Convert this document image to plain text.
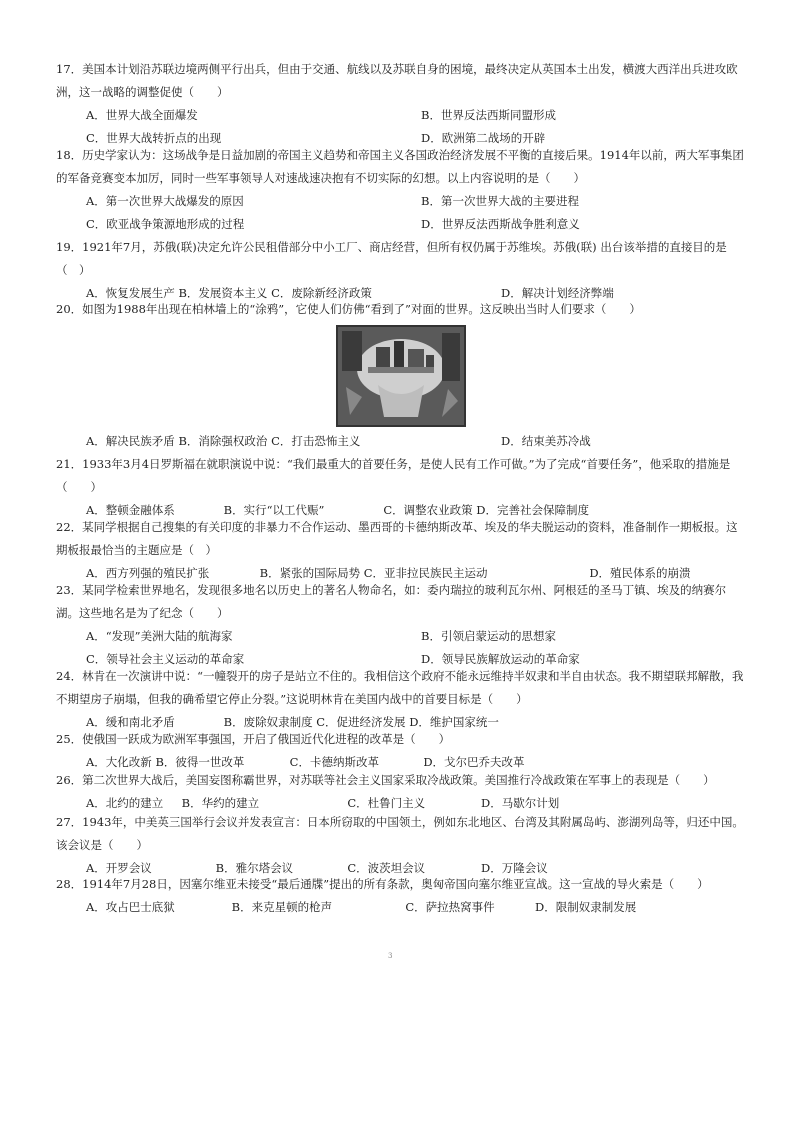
17．美国本计划沿苏联边境两侧平行出兵，但由于交通、航线以及苏联自身的困境，最终决定从英国本土出发，横渡大西洋出兵进攻欧洲，这一战略的调整促使（　　）
A．世界大战全面爆发	B．世界反法西斯同盟形成
C．世界大战转折点的出现	D．欧洲第二战场的开辟
18．历史学家认为：这场战争是日益加剧的帝国主义趋势和帝国主义各国政治经济发展不平衡的直接后果。1914年以前，两大军事集团的军备竞赛变本加厉，同时一些军事领导人对速战速决抱有不切实际的幻想。以上内容说明的是（　　）
A．第一次世界大战爆发的原因	B．第一次世界大战的主要进程
C．欧亚战争策源地形成的过程	D．世界反法西斯战争胜利意义
19．1921年7月，苏俄(联)决定允许公民租借部分中小工厂、商店经营，但所有权仍属于苏维埃。苏俄(联) 出台该举措的直接目的是（　）
A．恢复发展生产 B．发展资本主义 C．废除新经济政策	D．解决计划经济弊端
20．如图为1988年出现在柏林墙上的“涂鸦”，它使人们仿佛“看到了”对面的世界。这反映出当时人们要求（　　）
A．解决民族矛盾 B．消除强权政治 C．打击恐怖主义	D．结束美苏冷战
21．1933年3月4日罗斯福在就职演说中说：“我们最重大的首要任务，是使人民有工作可做。”为了完成“首要任务”，他采取的措施是（　　）
A．整顿金融体系	B．实行“以工代赈”	C．调整农业政策 D．完善社会保障制度
22．某同学根据自己搜集的有关印度的非暴力不合作运动、墨西哥的卡德纳斯改革、埃及的华夫脱运动的资料，准备制作一期板报。这期板报最恰当的主题应是（　）
A．西方列强的殖民扩张	B．紧张的国际局势 C．亚非拉民族民主运动	D．殖民体系的崩溃
23．某同学检索世界地名，发现很多地名以历史上的著名人物命名，如：委内瑞拉的玻利瓦尔州、阿根廷的圣马丁镇、埃及的纳赛尔湖。这些地名是为了纪念（　　）
A．“发现”美洲大陆的航海家	B．引领启蒙运动的思想家
C．领导社会主义运动的革命家	D．领导民族解放运动的革命家
24．林肯在一次演讲中说：“一幢裂开的房子是站立不住的。我相信这个政府不能永远维持半奴隶和半自由状态。我不期望联邦解散，我不期望房子崩塌，但我的确希望它停止分裂。”这说明林肯在美国内战中的首要目标是（　　）
A．缓和南北矛盾	B．废除奴隶制度 C．促进经济发展 D．维护国家统一
25．使俄国一跃成为欧洲军事强国，开启了俄国近代化进程的改革是（　　）
A．大化改新 B．彼得一世改革	C．卡德纳斯改革	D．戈尔巴乔夫改革
26．第二次世界大战后，美国妄图称霸世界，对苏联等社会主义国家采取冷战政策。美国推行冷战政策在军事上的表现是（　　）
A．北约的建立 B．华约的建立	C．杜鲁门主义	D．马歇尔计划
27．1943年，中美英三国举行会议并发表宣言：日本所窃取的中国领土，例如东北地区、台湾及其附属岛屿、澎湖列岛等，归还中国。该会议是（　　）
A．开罗会议	B．雅尔塔会议	C．波茨坦会议	D．万隆会议
28．1914年7月28日，因塞尔维亚未接受“最后通牒”提出的所有条款，奥匈帝国向塞尔维亚宣战。这一宣战的导火索是（　　）
A．攻占巴士底狱	B．来克星顿的枪声	C．萨拉热窝事件	D．限制奴隶制发展
3
